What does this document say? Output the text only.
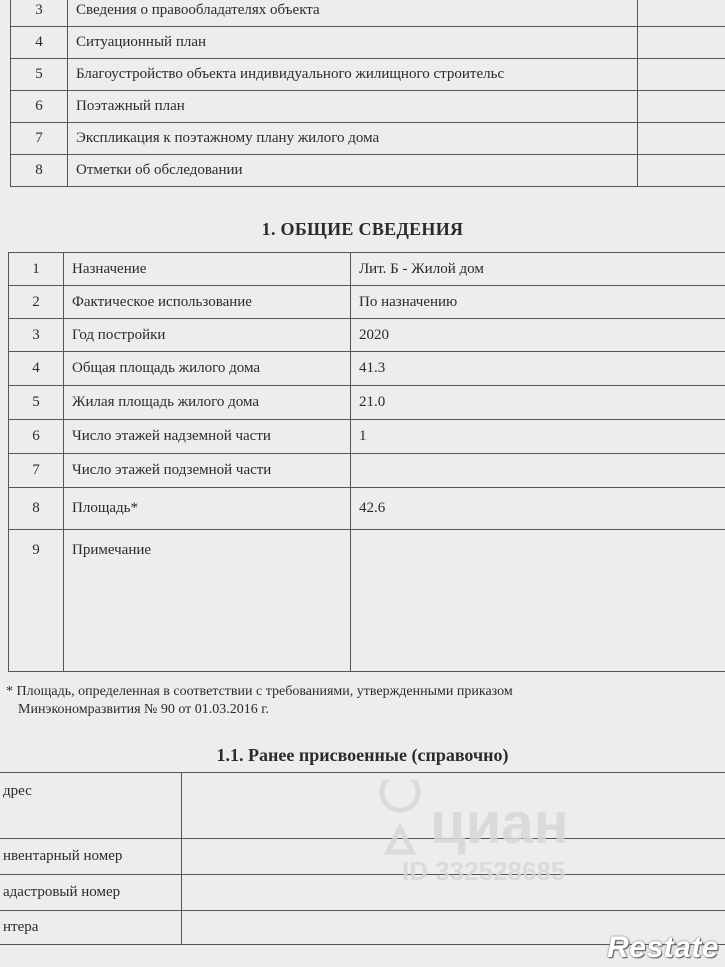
3	Сведения о правообладателях объекта	
4	Ситуационный план	
5	Благоустройство объекта индивидуального жилищного строительс	
6	Поэтажный план	
7	Экспликация к поэтажному плану жилого дома	
8	Отметки об обследовании	
1. ОБЩИЕ СВЕДЕНИЯ
1	Назначение	Лит. Б - Жилой дом
2	Фактическое использование	По назначению
3	Год постройки	2020
4	Общая площадь жилого дома	41.3
5	Жилая площадь жилого дома	21.0
6	Число этажей надземной части	1
7	Число этажей подземной части	
8	Площадь*	42.6
9	Примечание	
* Площадь, определенная в соответствии с требованиями, утвержденными приказом
Минэкономразвития № 90 от 01.03.2016 г.
1.1. Ранее присвоенные (справочно)
дрес	
нвентарный номер	
адастровый номер	
нтера	
циан
ID 332528685
Restate
